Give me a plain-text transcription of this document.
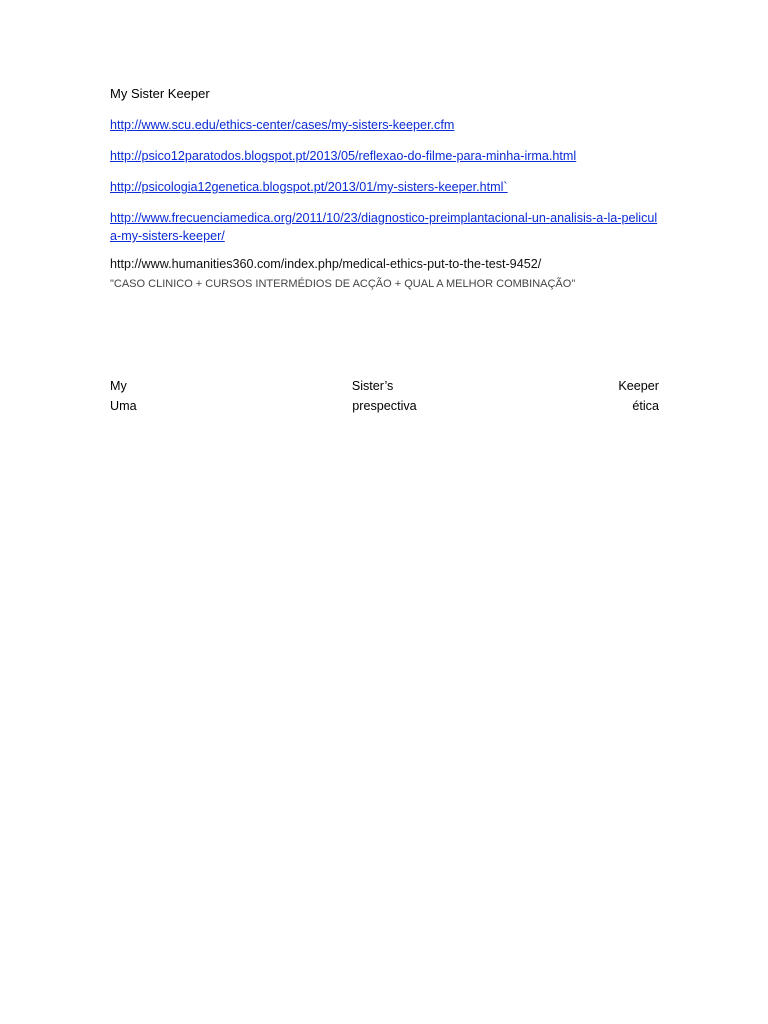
My Sister Keeper
http://www.scu.edu/ethics-center/cases/my-sisters-keeper.cfm
http://psico12paratodos.blogspot.pt/2013/05/reflexao-do-filme-para-minha-irma.html
http://psicologia12genetica.blogspot.pt/2013/01/my-sisters-keeper.html`
http://www.frecuenciamedica.org/2011/10/23/diagnostico-preimplantacional-un-analisis-a-la-pelicula-my-sisters-keeper/
http://www.humanities360.com/index.php/medical-ethics-put-to-the-test-9452/
"CASO CLINICO + CURSOS INTERMÉDIOS DE ACÇÃO + QUAL A MELHOR COMBINAÇÃO"
My	Sister’s	Keeper
Uma	prespectiva	ética
